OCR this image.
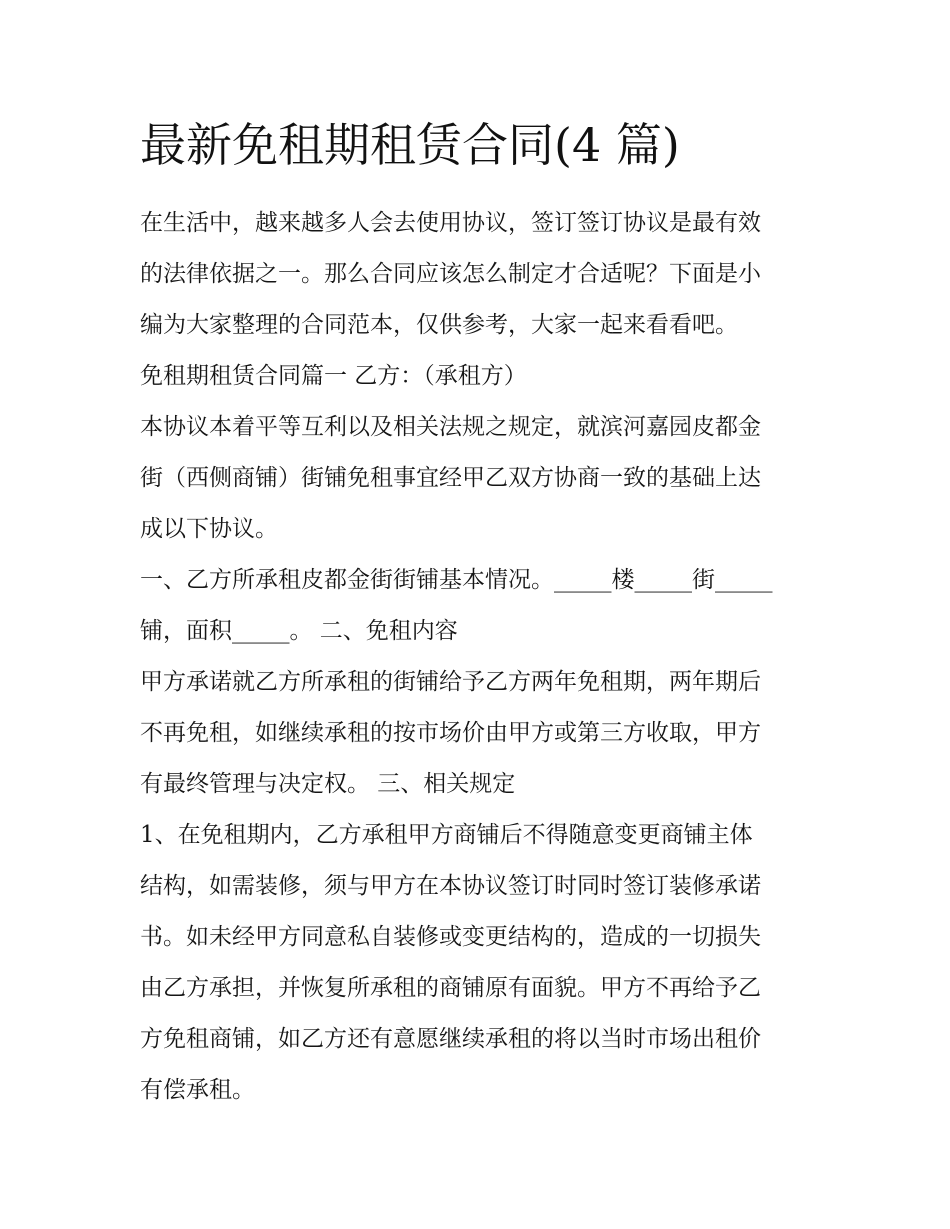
最新免租期租赁合同(4 篇)
在生活中，越来越多人会去使用协议，签订签订协议是最有效
的法律依据之一。那么合同应该怎么制定才合适呢？下面是小
编为大家整理的合同范本，仅供参考，大家一起来看看吧。
免租期租赁合同篇一 乙方：（承租方）
本协议本着平等互利以及相关法规之规定，就滨河嘉园皮都金
街（西侧商铺）街铺免租事宜经甲乙双方协商一致的基础上达
成以下协议。
一、乙方所承租皮都金街街铺基本情况。_____楼_____街_____
铺，面积_____。 二、免租内容
甲方承诺就乙方所承租的街铺给予乙方两年免租期，两年期后
不再免租，如继续承租的按市场价由甲方或第三方收取，甲方
有最终管理与决定权。 三、相关规定
1、在免租期内，乙方承租甲方商铺后不得随意变更商铺主体
结构，如需装修，须与甲方在本协议签订时同时签订装修承诺
书。如未经甲方同意私自装修或变更结构的，造成的一切损失
由乙方承担，并恢复所承租的商铺原有面貌。甲方不再给予乙
方免租商铺，如乙方还有意愿继续承租的将以当时市场出租价
有偿承租。
